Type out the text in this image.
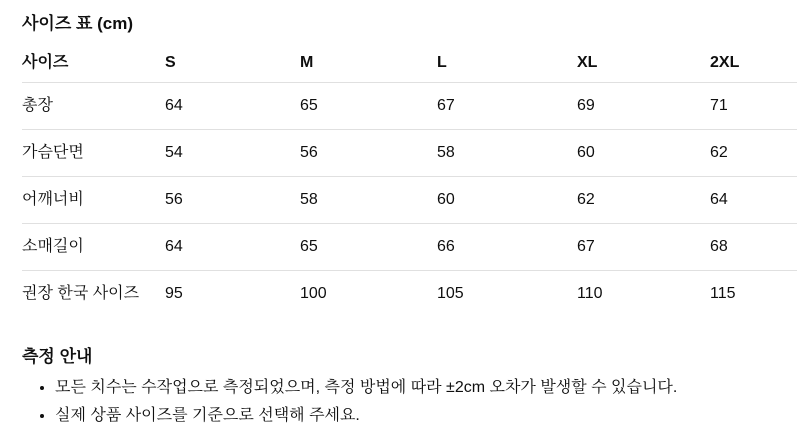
사이즈 표 (cm)
사이즈	S	M	L	XL	2XL
총장	64	65	67	69	71
가슴단면	54	56	58	60	62
어깨너비	56	58	60	62	64
소매길이	64	65	66	67	68
권장 한국 사이즈	95	100	105	110	115
측정 안내
• 모든 치수는 수작업으로 측정되었으며, 측정 방법에 따라 ±2cm 오차가 발생할 수 있습니다.
• 실제 상품 사이즈를 기준으로 선택해 주세요.
